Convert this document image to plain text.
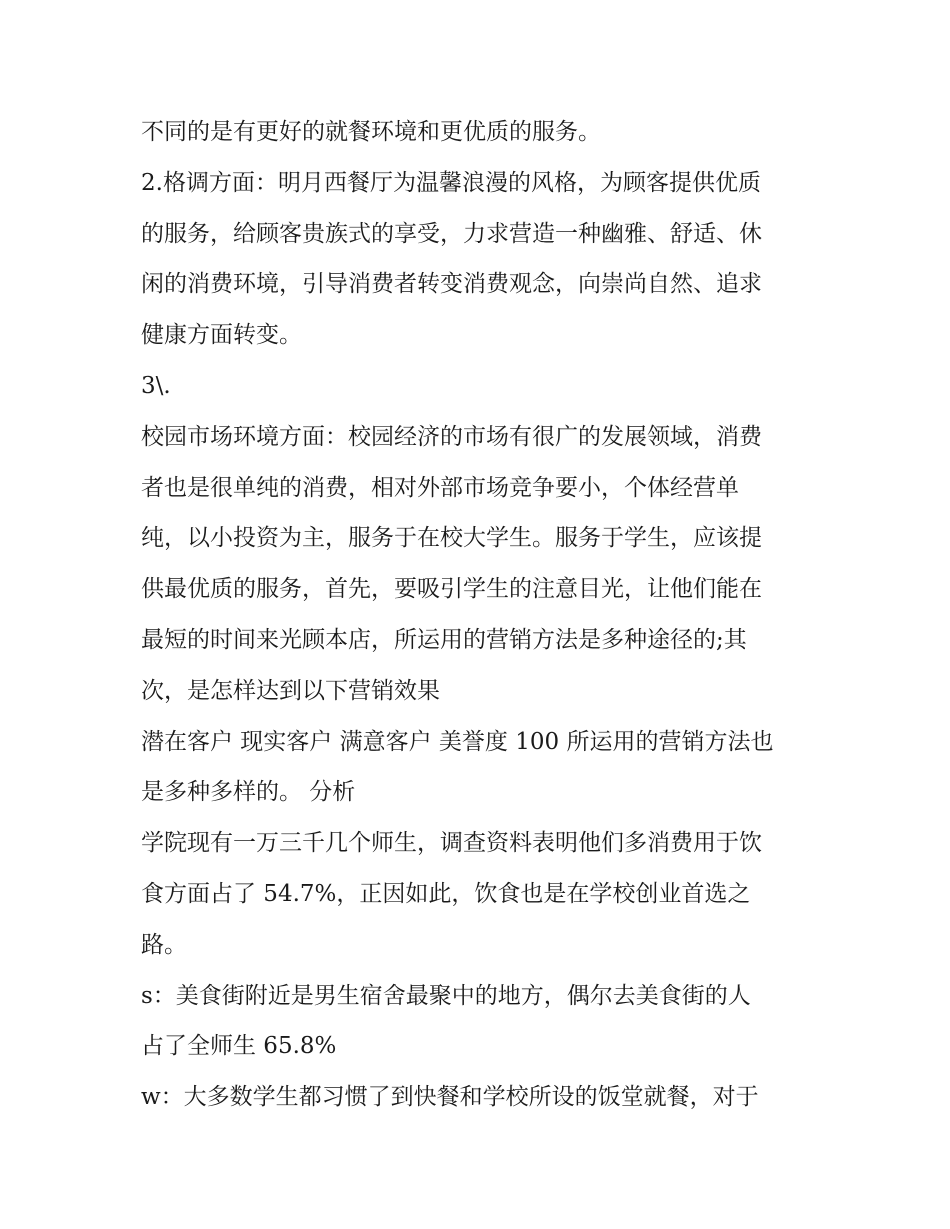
不同的是有更好的就餐环境和更优质的服务。

2.格调方面：明月西餐厅为温馨浪漫的风格，为顾客提供优质

的服务，给顾客贵族式的享受，力求营造一种幽雅、舒适、休

闲的消费环境，引导消费者转变消费观念，向崇尚自然、追求

健康方面转变。

3\.

校园市场环境方面：校园经济的市场有很广的发展领域，消费

者也是很单纯的消费，相对外部市场竞争要小，个体经营单

纯，以小投资为主，服务于在校大学生。服务于学生，应该提

供最优质的服务，首先，要吸引学生的注意目光，让他们能在

最短的时间来光顾本店，所运用的营销方法是多种途径的;其

次，是怎样达到以下营销效果

潜在客户 现实客户 满意客户 美誉度 100 所运用的营销方法也

是多种多样的。 分析

学院现有一万三千几个师生，调查资料表明他们多消费用于饮

食方面占了 54.7%，正因如此，饮食也是在学校创业首选之

路。

s：美食街附近是男生宿舍最聚中的地方，偶尔去美食街的人

占了全师生 65.8%

w：大多数学生都习惯了到快餐和学校所设的饭堂就餐，对于
